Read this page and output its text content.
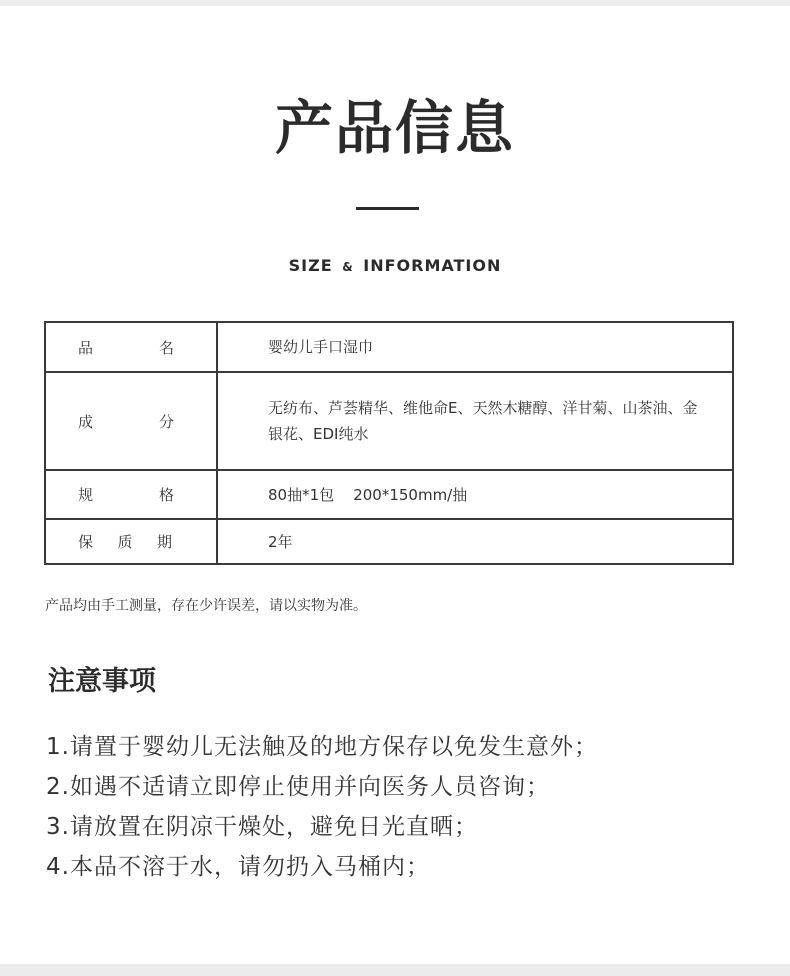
产品信息
SIZE & INFORMATION
品 名	婴幼儿手口湿巾

成 分	无纺布、芦荟精华、维他命E、天然木糖醇、洋甘菊、山茶油、金银花、EDI纯水

规 格	80抽*1包    200*150mm/抽

保 质 期	2年
产品均由手工测量，存在少许误差，请以实物为准。
注意事项
1.请置于婴幼儿无法触及的地方保存以免发生意外；
2.如遇不适请立即停止使用并向医务人员咨询；
3.请放置在阴凉干燥处，避免日光直晒；
4.本品不溶于水，请勿扔入马桶内；
